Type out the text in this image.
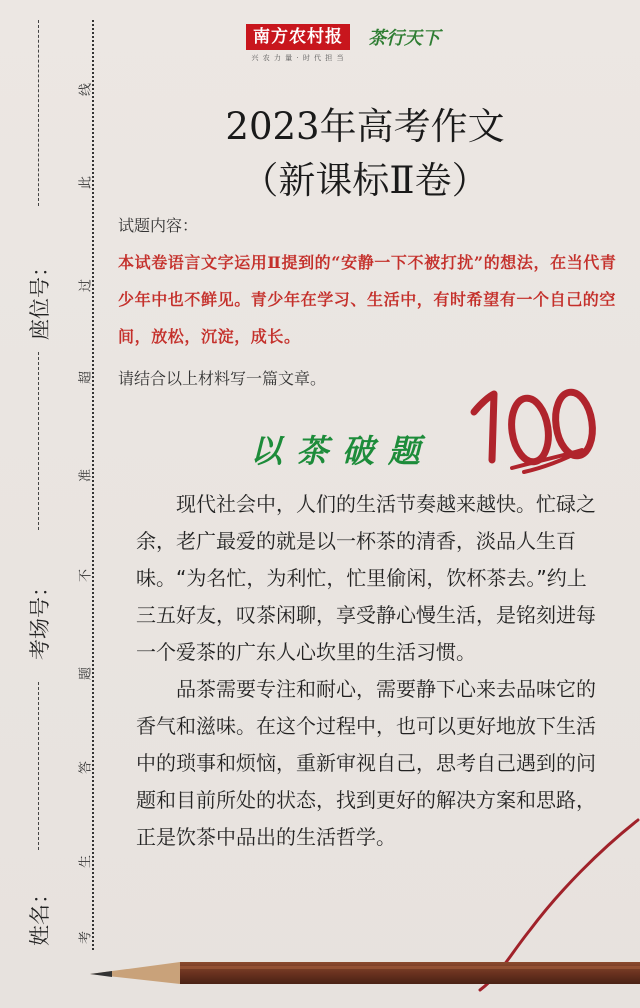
南方农村报
兴 农 力 量 · 时 代 担 当
茶行天下
座位号：
考场号：
姓名：
线
此
过
超
准
不
题
答
生
考
2023年高考作文
（新课标Ⅱ卷）
试题内容：
本试卷语言文字运用Ⅱ提到的“安静一下不被打扰”的想法，在当代青少年中也不鲜见。青少年在学习、生活中，有时希望有一个自己的空间，放松，沉淀，成长。
请结合以上材料写一篇文章。
以茶破题

现代社会中，人们的生活节奏越来越快。忙碌之余，老广最爱的就是以一杯茶的清香，淡品人生百味。“为名忙，为利忙，忙里偷闲，饮杯茶去。”约上三五好友，叹茶闲聊，享受静心慢生活，是铭刻进每一个爱茶的广东人心坎里的生活习惯。

品茶需要专注和耐心，需要静下心来去品味它的香气和滋味。在这个过程中，也可以更好地放下生活中的琐事和烦恼，重新审视自己，思考自己遇到的问题和目前所处的状态，找到更好的解决方案和思路，正是饮茶中品出的生活哲学。
